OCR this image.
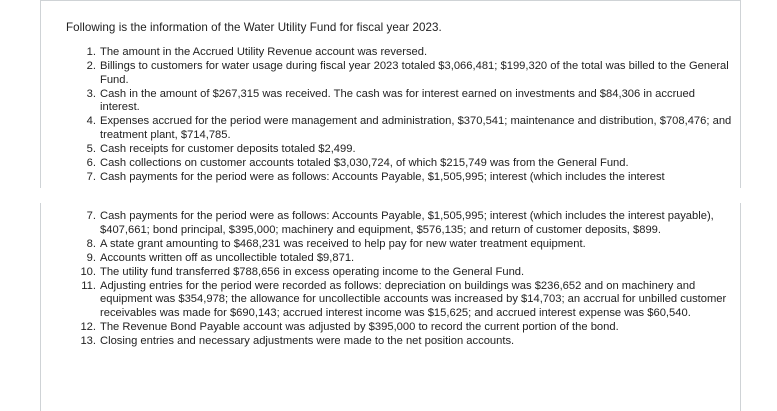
Following is the information of the Water Utility Fund for fiscal year 2023.
1. The amount in the Accrued Utility Revenue account was reversed.
2. Billings to customers for water usage during fiscal year 2023 totaled $3,066,481; $199,320 of the total was billed to the General Fund.
3. Cash in the amount of $267,315 was received. The cash was for interest earned on investments and $84,306 in accrued interest.
4. Expenses accrued for the period were management and administration, $370,541; maintenance and distribution, $708,476; and treatment plant, $714,785.
5. Cash receipts for customer deposits totaled $2,499.
6. Cash collections on customer accounts totaled $3,030,724, of which $215,749 was from the General Fund.
7. Cash payments for the period were as follows: Accounts Payable, $1,505,995; interest (which includes the interest
7. Cash payments for the period were as follows: Accounts Payable, $1,505,995; interest (which includes the interest payable), $407,661; bond principal, $395,000; machinery and equipment, $576,135; and return of customer deposits, $899.
8. A state grant amounting to $468,231 was received to help pay for new water treatment equipment.
9. Accounts written off as uncollectible totaled $9,871.
10. The utility fund transferred $788,656 in excess operating income to the General Fund.
11. Adjusting entries for the period were recorded as follows: depreciation on buildings was $236,652 and on machinery and equipment was $354,978; the allowance for uncollectible accounts was increased by $14,703; an accrual for unbilled customer receivables was made for $690,143; accrued interest income was $15,625; and accrued interest expense was $60,540.
12. The Revenue Bond Payable account was adjusted by $395,000 to record the current portion of the bond.
13. Closing entries and necessary adjustments were made to the net position accounts.
